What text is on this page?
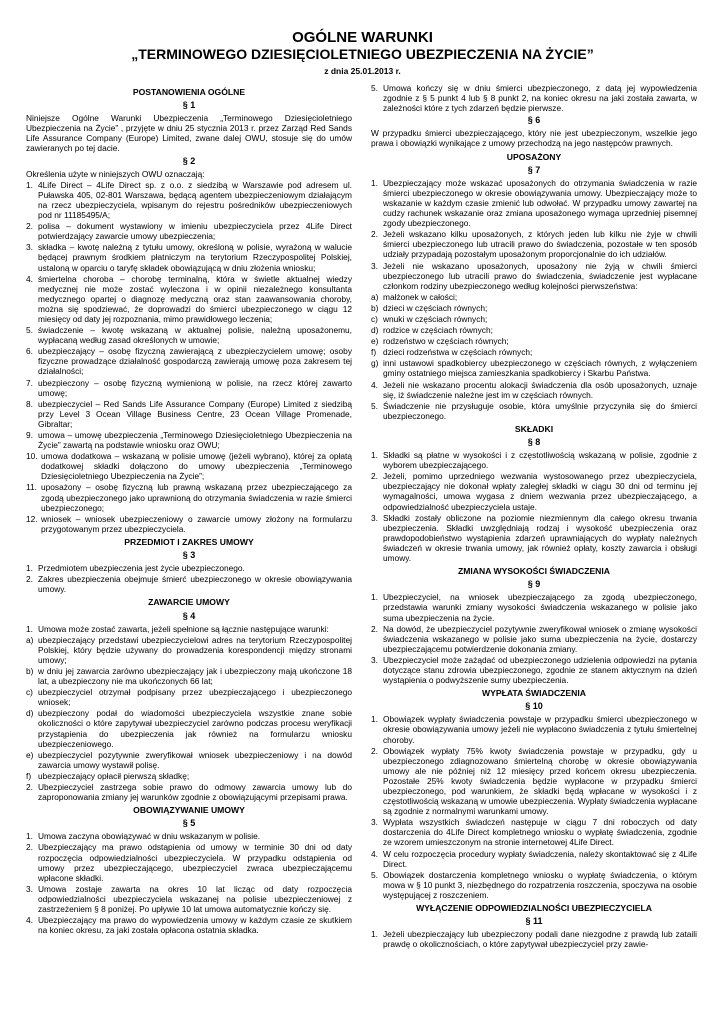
OGÓLNE WARUNKI
„TERMINOWEGO DZIESIĘCIOLETNIEGO UBEZPIECZENIA NA ŻYCIE”
z dnia 25.01.2013 r.
POSTANOWIENIA OGÓLNE
§ 1

Niniejsze Ogólne Warunki Ubezpieczenia „Terminowego Dziesięcioletniego Ubezpieczenia na Życie” , przyjęte w dniu 25 stycznia 2013 r. przez Zarząd Red Sands Life Assurance Company (Europe) Limited, zwane dalej OWU, stosuje się do umów zawieranych po tej dacie.

§ 2

Określenia użyte w niniejszych OWU oznaczają:

1. 4Life Direct – 4Life Direct sp. z o.o. z siedzibą w Warszawie pod adresem ul. Puławska 405, 02-801 Warszawa, będącą agentem ubezpieczeniowym działającym na rzecz ubezpieczyciela, wpisanym do rejestru pośredników ubezpieczeniowych pod nr 11185495/A;
2. polisa – dokument wystawiony w imieniu ubezpieczyciela przez 4Life Direct potwierdzający zawarcie umowy ubezpieczenia;
3. składka – kwotę należną z tytułu umowy, określoną w polisie, wyrażoną w walucie będącej prawnym środkiem płatniczym na terytorium Rzeczypospolitej Polskiej, ustaloną w oparciu o taryfę składek obowiązującą w dniu złożenia wniosku;
4. śmiertelna choroba – chorobę terminalną, która w świetle aktualnej wiedzy medycznej nie może zostać wyleczona i w opinii niezależnego konsultanta medycznego opartej o diagnozę medyczną oraz stan zaawansowania choroby, można się spodziewać, że doprowadzi do śmierci ubezpieczonego w ciągu 12 miesięcy od daty jej rozpoznania, mimo prawidłowego leczenia;
5. świadczenie – kwotę wskazaną w aktualnej polisie, należną uposażonemu, wypłacaną według zasad określonych w umowie;
6. ubezpieczający – osobę fizyczną zawierającą z ubezpieczycielem umowę; osoby fizyczne prowadzące działalność gospodarczą zawierają umowę poza zakresem tej działalności;
7. ubezpieczony – osobę fizyczną wymienioną w polisie, na rzecz której zawarto umowę;
8. ubezpieczyciel – Red Sands Life Assurance Company (Europe) Limited z siedzibą przy Level 3 Ocean Village Business Centre, 23 Ocean Village Promenade, Gibraltar;
9. umowa – umowę ubezpieczenia „Terminowego Dziesięcioletniego Ubezpieczenia na Życie” zawartą na podstawie wniosku oraz OWU;
10. umowa dodatkowa – wskazaną w polisie umowę (jeżeli wybrano), której za opłatą dodatkowej składki dołączono do umowy ubezpieczenia „Terminowego Dziesięcioletniego Ubezpieczenia na Życie”;
11. uposażony – osobę fizyczną lub prawną wskazaną przez ubezpieczającego za zgodą ubezpieczonego jako uprawnioną do otrzymania świadczenia w razie śmierci ubezpieczonego;
12. wniosek – wniosek ubezpieczeniowy o zawarcie umowy złożony na formularzu przygotowanym przez ubezpieczyciela.
PRZEDMIOT I ZAKRES UMOWY
§ 3
1. Przedmiotem ubezpieczenia jest życie ubezpieczonego.
2. Zakres ubezpieczenia obejmuje śmierć ubezpieczonego w okresie obowiązywania umowy.
ZAWARCIE UMOWY
§ 4
1. Umowa może zostać zawarta, jeżeli spełnione są łącznie następujące warunki:
a) ubezpieczający przedstawi ubezpieczycielowi adres na terytorium Rzeczypospolitej Polskiej, który będzie używany do prowadzenia korespondencji między stronami umowy;
b) w dniu jej zawarcia zarówno ubezpieczający jak i ubezpieczony mają ukończone 18 lat, a ubezpieczony nie ma ukończonych 66 lat;
c) ubezpieczyciel otrzymał podpisany przez ubezpieczającego i ubezpieczonego wniosek;
d) ubezpieczony podał do wiadomości ubezpieczyciela wszystkie znane sobie okoliczności o które zapytywał ubezpieczyciel zarówno podczas procesu weryfikacji przystąpienia do ubezpieczenia jak również na formularzu wniosku ubezpieczeniowego.
e) ubezpieczyciel pozytywnie zweryfikował wniosek ubezpieczeniowy i na dowód zawarcia umowy wystawił polisę.
f) ubezpieczający opłacił pierwszą składkę;
2. Ubezpieczyciel zastrzega sobie prawo do odmowy zawarcia umowy lub do zaproponowania zmiany jej warunków zgodnie z obowiązującymi przepisami prawa.
OBOWIĄZYWANIE UMOWY
§ 5
1. Umowa zaczyna obowiązywać w dniu wskazanym w polisie.
2. Ubezpieczający ma prawo odstąpienia od umowy w terminie 30 dni od daty rozpoczęcia odpowiedzialności ubezpieczyciela. W przypadku odstąpienia od umowy przez ubezpieczającego, ubezpieczyciel zwraca ubezpieczającemu wpłacone składki.
3. Umowa zostaje zawarta na okres 10 lat licząc od daty rozpoczęcia odpowiedzialności ubezpieczyciela wskazanej na polisie ubezpieczeniowej z zastrzeżeniem § 8 poniżej. Po upływie 10 lat umowa automatycznie kończy się.
4. Ubezpieczający ma prawo do wypowiedzenia umowy w każdym czasie ze skutkiem na koniec okresu, za jaki została opłacona ostatnia składka.
5. Umowa kończy się w dniu śmierci ubezpieczonego, z datą jej wypowiedzenia zgodnie z § 5 punkt 4 lub § 8 punkt 2, na koniec okresu na jaki została zawarta, w zależności które z tych zdarzeń będzie pierwsze.
§ 6

W przypadku śmierci ubezpieczającego, który nie jest ubezpieczonym, wszelkie jego prawa i obowiązki wynikające z umowy przechodzą na jego następców prawnych.

UPOSAŻONY
§ 7
1. Ubezpieczający może wskazać uposażonych do otrzymania świadczenia w razie śmierci ubezpieczonego w okresie obowiązywania umowy. Ubezpieczający może to wskazanie w każdym czasie zmienić lub odwołać. W przypadku umowy zawartej na cudzy rachunek wskazanie oraz zmiana uposażonego wymaga uprzedniej pisemnej zgody ubezpieczonego.
2. Jeżeli wskazano kilku uposażonych, z których jeden lub kilku nie żyje w chwili śmierci ubezpieczonego lub utracili prawo do świadczenia, pozostałe w ten sposób udziały przypadają pozostałym uposażonym proporcjonalnie do ich udziałów.
3. Jeżeli nie wskazano uposażonych, uposażony nie żyją w chwili śmierci ubezpieczonego lub utracili prawo do świadczenia, świadczenie jest wypłacane członkom rodziny ubezpieczonego według kolejności pierwszeństwa:
a) małżonek w całości;
b) dzieci w częściach równych;
c) wnuki w częściach równych;
d) rodzice w częściach równych;
e) rodzeństwo w częściach równych;
f) dzieci rodzeństwa w częściach równych;
g) inni ustawowi spadkobiercy ubezpieczonego w częściach równych, z wyłączeniem gminy ostatniego miejsca zamieszkania spadkobiercy i Skarbu Państwa.
4. Jeżeli nie wskazano procentu alokacji świadczenia dla osób uposażonych, uznaje się, iż świadczenie należne jest im w częściach równych.
5. Świadczenie nie przysługuje osobie, która umyślnie przyczyniła się do śmierci ubezpieczonego.
SKŁADKI
§ 8
1. Składki są płatne w wysokości i z częstotliwością wskazaną w polisie, zgodnie z wyborem ubezpieczającego.
2. Jeżeli, pomimo uprzedniego wezwania wystosowanego przez ubezpieczyciela, ubezpieczający nie dokonał wpłaty zaległej składki w ciągu 30 dni od terminu jej wymagalności, umowa wygasa z dniem wezwania przez ubezpieczającego, a odpowiedzialność ubezpieczyciela ustaje.
3. Składki zostały obliczone na poziomie niezmiennym dla całego okresu trwania ubezpieczenia. Składki uwzględniają rodzaj i wysokość ubezpieczenia oraz prawdopodobieństwo wystąpienia zdarzeń uprawniających do wypłaty należnych świadczeń w okresie trwania umowy, jak również opłaty, koszty zawarcia i obsługi umowy.
ZMIANA WYSOKOŚCI ŚWIADCZENIA
§ 9
1. Ubezpieczyciel, na wniosek ubezpieczającego za zgodą ubezpieczonego, przedstawia warunki zmiany wysokości świadczenia wskazanego w polisie jako suma ubezpieczenia na życie.
2. Na dowód, że ubezpieczyciel pozytywnie zweryfikował wniosek o zmianę wysokości świadczenia wskazanego w polisie jako suma ubezpieczenia na życie, dostarczy ubezpieczającemu potwierdzenie dokonania zmiany.
3. Ubezpieczyciel może zażądać od ubezpieczonego udzielenia odpowiedzi na pytania dotyczące stanu zdrowia ubezpieczonego, zgodnie ze stanem aktycznym na dzień wystąpienia o podwyższenie sumy ubezpieczenia.
WYPŁATA ŚWIADCZENIA
§ 10
1. Obowiązek wypłaty świadczenia powstaje w przypadku śmierci ubezpieczonego w okresie obowiązywania umowy jeżeli nie wypłacono świadczenia z tytułu śmiertelnej choroby.
2. Obowiązek wypłaty 75% kwoty świadczenia powstaje w przypadku, gdy u ubezpieczonego zdiagnozowano śmiertelną chorobę w okresie obowiązywania umowy ale nie później niż 12 miesięcy przed końcem okresu ubezpieczenia. Pozostałe 25% kwoty świadczenia będzie wypłacone w przypadku śmierci ubezpieczonego, pod warunkiem, że składki będą wpłacane w wysokości i z częstotliwością wskazaną w umowie ubezpieczenia. Wypłaty świadczenia wypłacane są zgodnie z normalnymi warunkami umowy.
3. Wypłata wszystkich świadczeń następuje w ciągu 7 dni roboczych od daty dostarczenia do 4Life Direct kompletnego wniosku o wypłatę świadczenia, zgodnie ze wzorem umieszczonym na stronie internetowej 4Life Direct.
4. W celu rozpoczęcia procedury wypłaty świadczenia, należy skontaktować się z 4Life Direct.
5. Obowiązek dostarczenia kompletnego wniosku o wypłatę świadczenia, o którym mowa w § 10 punkt 3, niezbędnego do rozpatrzenia roszczenia, spoczywa na osobie występującej z roszczeniem.
WYŁĄCZENIE ODPOWIEDZIALNOŚCI UBEZPIECZYCIELA
§ 11
1. Jeżeli ubezpieczający lub ubezpieczony podali dane niezgodne z prawdą lub zataili prawdę o okolicznościach, o które zapytywał ubezpieczyciel przy zawie-
